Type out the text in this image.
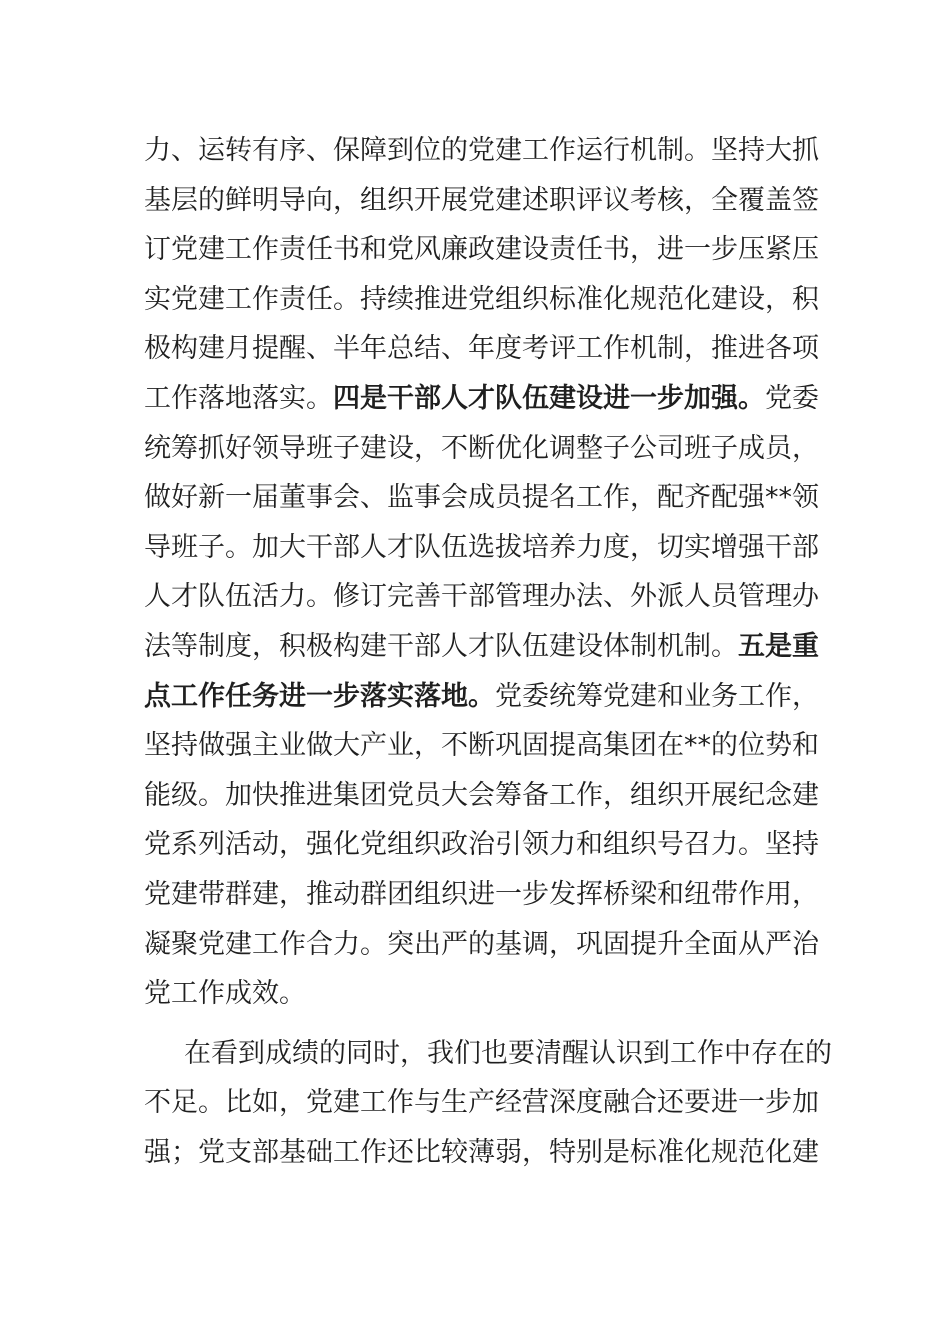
力、运转有序、保障到位的党建工作运行机制。坚持大抓
基层的鲜明导向，组织开展党建述职评议考核，全覆盖签
订党建工作责任书和党风廉政建设责任书，进一步压紧压
实党建工作责任。持续推进党组织标准化规范化建设，积
极构建月提醒、半年总结、年度考评工作机制，推进各项
工作落地落实。四是干部人才队伍建设进一步加强。党委
统筹抓好领导班子建设，不断优化调整子公司班子成员，
做好新一届董事会、监事会成员提名工作，配齐配强**领
导班子。加大干部人才队伍选拔培养力度，切实增强干部
人才队伍活力。修订完善干部管理办法、外派人员管理办
法等制度，积极构建干部人才队伍建设体制机制。五是重
点工作任务进一步落实落地。党委统筹党建和业务工作，
坚持做强主业做大产业，不断巩固提高集团在**的位势和
能级。加快推进集团党员大会筹备工作，组织开展纪念建
党系列活动，强化党组织政治引领力和组织号召力。坚持
党建带群建，推动群团组织进一步发挥桥梁和纽带作用，
凝聚党建工作合力。突出严的基调，巩固提升全面从严治
党工作成效。

在看到成绩的同时，我们也要清醒认识到工作中存在的
不足。比如，党建工作与生产经营深度融合还要进一步加
强；党支部基础工作还比较薄弱，特别是标准化规范化建
